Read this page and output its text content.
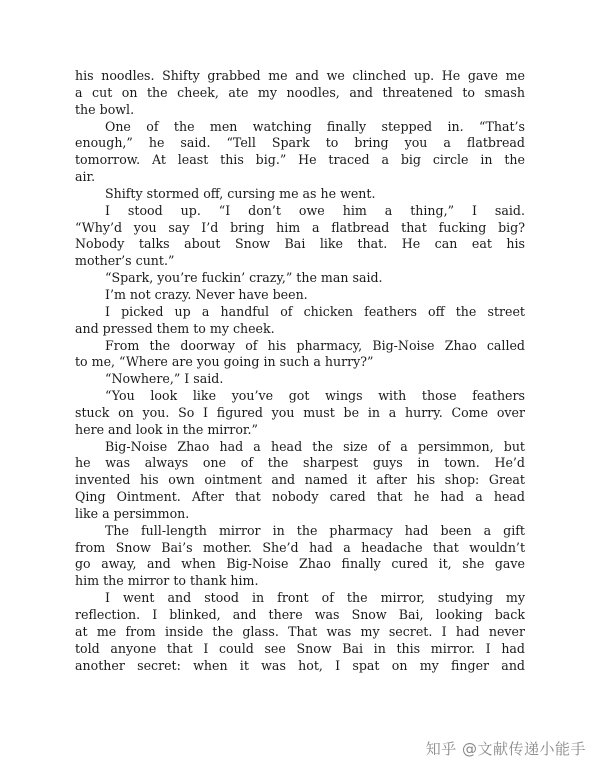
his noodles. Shifty grabbed me and we clinched up. He gave me
a cut on the cheek, ate my noodles, and threatened to smash
the bowl.
One of the men watching finally stepped in. “That’s
enough,” he said. “Tell Spark to bring you a flatbread
tomorrow. At least this big.” He traced a big circle in the
air.
Shifty stormed off, cursing me as he went.
I stood up. “I don’t owe him a thing,” I said.
“Why’d you say I’d bring him a flatbread that fucking big?
Nobody talks about Snow Bai like that. He can eat his
mother’s cunt.”
“Spark, you’re fuckin’ crazy,” the man said.
I’m not crazy. Never have been.
I picked up a handful of chicken feathers off the street
and pressed them to my cheek.
From the doorway of his pharmacy, Big-Noise Zhao called
to me, “Where are you going in such a hurry?”
“Nowhere,” I said.
“You look like you’ve got wings with those feathers
stuck on you. So I figured you must be in a hurry. Come over
here and look in the mirror.”
Big-Noise Zhao had a head the size of a persimmon, but
he was always one of the sharpest guys in town. He’d
invented his own ointment and named it after his shop: Great
Qing Ointment. After that nobody cared that he had a head
like a persimmon.
The full-length mirror in the pharmacy had been a gift
from Snow Bai’s mother. She’d had a headache that wouldn’t
go away, and when Big-Noise Zhao finally cured it, she gave
him the mirror to thank him.
I went and stood in front of the mirror, studying my
reflection. I blinked, and there was Snow Bai, looking back
at me from inside the glass. That was my secret. I had never
told anyone that I could see Snow Bai in this mirror. I had
another secret: when it was hot, I spat on my finger and
知乎 @文献传递小能手
